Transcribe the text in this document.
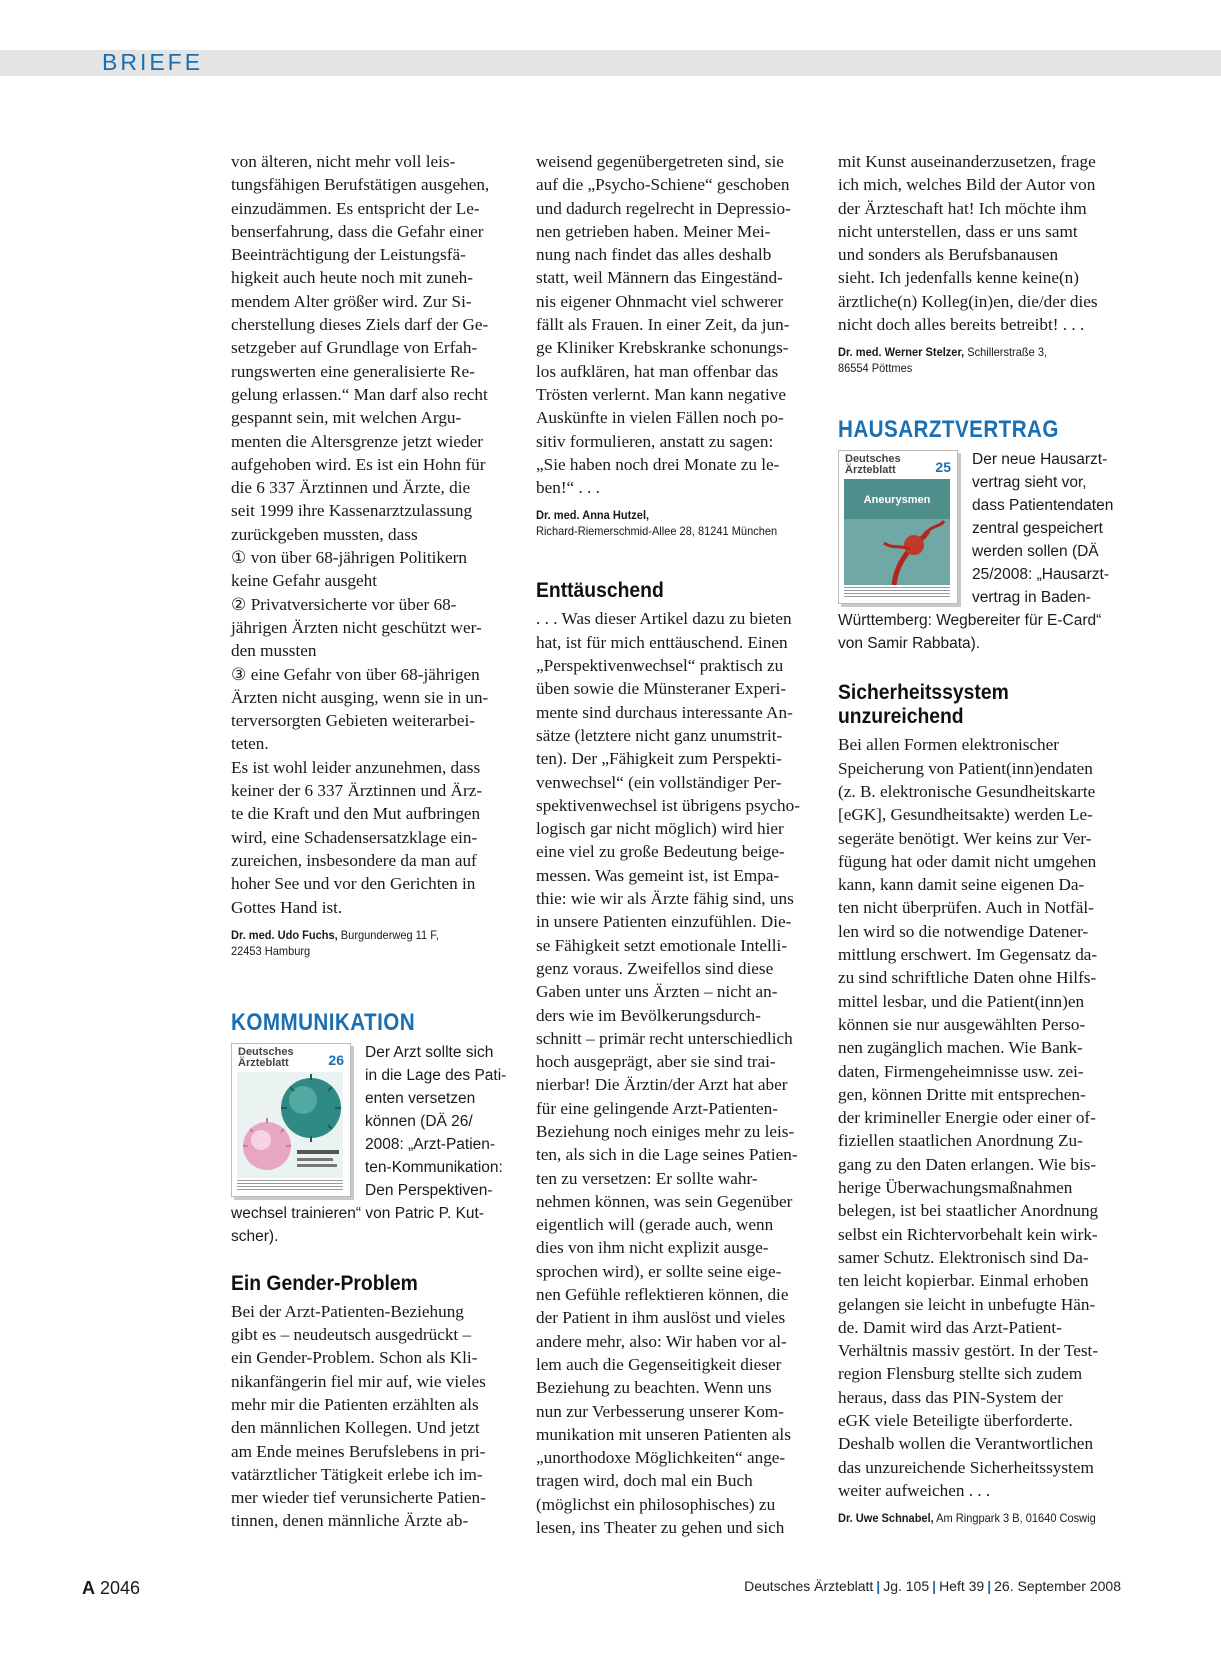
BRIEFE
von älteren, nicht mehr voll leis-
tungsfähigen Berufstätigen ausgehen,
einzudämmen. Es entspricht der Le-
benserfahrung, dass die Gefahr einer
Beeinträchtigung der Leistungsfä-
higkeit auch heute noch mit zuneh-
mendem Alter größer wird. Zur Si-
cherstellung dieses Ziels darf der Ge-
setzgeber auf Grundlage von Erfah-
rungswerten eine generalisierte Re-
gelung erlassen.“ Man darf also recht
gespannt sein, mit welchen Argu-
menten die Altersgrenze jetzt wieder
aufgehoben wird. Es ist ein Hohn für
die 6 337 Ärztinnen und Ärzte, die
seit 1999 ihre Kassenarztzulassung
zurückgeben mussten, dass
① von über 68-jährigen Politikern
keine Gefahr ausgeht
② Privatversicherte vor über 68-
jährigen Ärzten nicht geschützt wer-
den mussten
③ eine Gefahr von über 68-jährigen
Ärzten nicht ausging, wenn sie in un-
terversorgten Gebieten weiterarbei-
teten.
Es ist wohl leider anzunehmen, dass
keiner der 6 337 Ärztinnen und Ärz-
te die Kraft und den Mut aufbringen
wird, eine Schadensersatzklage ein-
zureichen, insbesondere da man auf
hoher See und vor den Gerichten in
Gottes Hand ist.

Dr. med. Udo Fuchs, Burgunderweg 11 F,
22453 Hamburg

KOMMUNIKATION
Deutsches Ärzteblatt	26	Der Arzt sollte sich
in die Lage des Pati-
enten versetzen
können (DÄ 26/
2008: „Arzt-Patien-
ten-Kommunikation:
Den Perspektiven-
wechsel trainieren“ von Patric P. Kut-
scher).
Ein Gender-Problem
Bei der Arzt-Patienten-Beziehung
gibt es – neudeutsch ausgedrückt –
ein Gender-Problem. Schon als Kli-
nikanfängerin fiel mir auf, wie vieles
mehr mir die Patienten erzählten als
den männlichen Kollegen. Und jetzt
am Ende meines Berufslebens in pri-
vatärztlicher Tätigkeit erlebe ich im-
mer wieder tief verunsicherte Patien-
tinnen, denen männliche Ärzte ab-
weisend gegenübergetreten sind, sie
auf die „Psycho-Schiene“ geschoben
und dadurch regelrecht in Depressio-
nen getrieben haben. Meiner Mei-
nung nach findet das alles deshalb
statt, weil Männern das Eingeständ-
nis eigener Ohnmacht viel schwerer
fällt als Frauen. In einer Zeit, da jun-
ge Kliniker Krebskranke schonungs-
los aufklären, hat man offenbar das
Trösten verlernt. Man kann negative
Auskünfte in vielen Fällen noch po-
sitiv formulieren, anstatt zu sagen:
„Sie haben noch drei Monate zu le-
ben!“ . . .

Dr. med. Anna Hutzel,
Richard-Riemerschmid-Allee 28, 81241 München

Enttäuschend
. . . Was dieser Artikel dazu zu bieten
hat, ist für mich enttäuschend. Einen
„Perspektivenwechsel“ praktisch zu
üben sowie die Münsteraner Experi-
mente sind durchaus interessante An-
sätze (letztere nicht ganz unumstrit-
ten). Der „Fähigkeit zum Perspekti-
venwechsel“ (ein vollständiger Per-
spektivenwechsel ist übrigens psycho-
logisch gar nicht möglich) wird hier
eine viel zu große Bedeutung beige-
messen. Was gemeint ist, ist Empa-
thie: wie wir als Ärzte fähig sind, uns
in unsere Patienten einzufühlen. Die-
se Fähigkeit setzt emotionale Intelli-
genz voraus. Zweifellos sind diese
Gaben unter uns Ärzten – nicht an-
ders wie im Bevölkerungsdurch-
schnitt – primär recht unterschiedlich
hoch ausgeprägt, aber sie sind trai-
nierbar! Die Ärztin/der Arzt hat aber
für eine gelingende Arzt-Patienten-
Beziehung noch einiges mehr zu leis-
ten, als sich in die Lage seines Patien-
ten zu versetzen: Er sollte wahr-
nehmen können, was sein Gegenüber
eigentlich will (gerade auch, wenn
dies von ihm nicht explizit ausge-
sprochen wird), er sollte seine eige-
nen Gefühle reflektieren können, die
der Patient in ihm auslöst und vieles
andere mehr, also: Wir haben vor al-
lem auch die Gegenseitigkeit dieser
Beziehung zu beachten. Wenn uns
nun zur Verbesserung unserer Kom-
munikation mit unseren Patienten als
„unorthodoxe Möglichkeiten“ ange-
tragen wird, doch mal ein Buch
(möglichst ein philosophisches) zu
lesen, ins Theater zu gehen und sich
mit Kunst auseinanderzusetzen, frage
ich mich, welches Bild der Autor von
der Ärzteschaft hat! Ich möchte ihm
nicht unterstellen, dass er uns samt
und sonders als Berufsbanausen
sieht. Ich jedenfalls kenne keine(n)
ärztliche(n) Kolleg(in)en, die/der dies
nicht doch alles bereits betreibt! . . .

Dr. med. Werner Stelzer, Schillerstraße 3,
86554 Pöttmes

HAUSARZTVERTRAG
Deutsches Ärzteblatt	25
Aneurysmen
Der neue Hausarzt-
vertrag sieht vor,
dass Patientendaten
zentral gespeichert
werden sollen (DÄ
25/2008: „Hausarzt-
vertrag in Baden-
Württemberg: Wegbereiter für E-Card“
von Samir Rabbata).
Sicherheitssystem
unzureichend
Bei allen Formen elektronischer
Speicherung von Patient(inn)endaten
(z. B. elektronische Gesundheitskarte
[eGK], Gesundheitsakte) werden Le-
segeräte benötigt. Wer keins zur Ver-
fügung hat oder damit nicht umgehen
kann, kann damit seine eigenen Da-
ten nicht überprüfen. Auch in Notfäl-
len wird so die notwendige Datener-
mittlung erschwert. Im Gegensatz da-
zu sind schriftliche Daten ohne Hilfs-
mittel lesbar, und die Patient(inn)en
können sie nur ausgewählten Perso-
nen zugänglich machen. Wie Bank-
daten, Firmengeheimnisse usw. zei-
gen, können Dritte mit entsprechen-
der krimineller Energie oder einer of-
fiziellen staatlichen Anordnung Zu-
gang zu den Daten erlangen. Wie bis-
herige Überwachungsmaßnahmen
belegen, ist bei staatlicher Anordnung
selbst ein Richtervorbehalt kein wirk-
samer Schutz. Elektronisch sind Da-
ten leicht kopierbar. Einmal erhoben
gelangen sie leicht in unbefugte Hän-
de. Damit wird das Arzt-Patient-
Verhältnis massiv gestört. In der Test-
region Flensburg stellte sich zudem
heraus, dass das PIN-System der
eGK viele Beteiligte überforderte.
Deshalb wollen die Verantwortlichen
das unzureichende Sicherheitssystem
weiter aufweichen . . .

Dr. Uwe Schnabel, Am Ringpark 3 B, 01640 Coswig

A 2046	Deutsches Ärzteblatt | Jg. 105 | Heft 39 | 26. September 2008
